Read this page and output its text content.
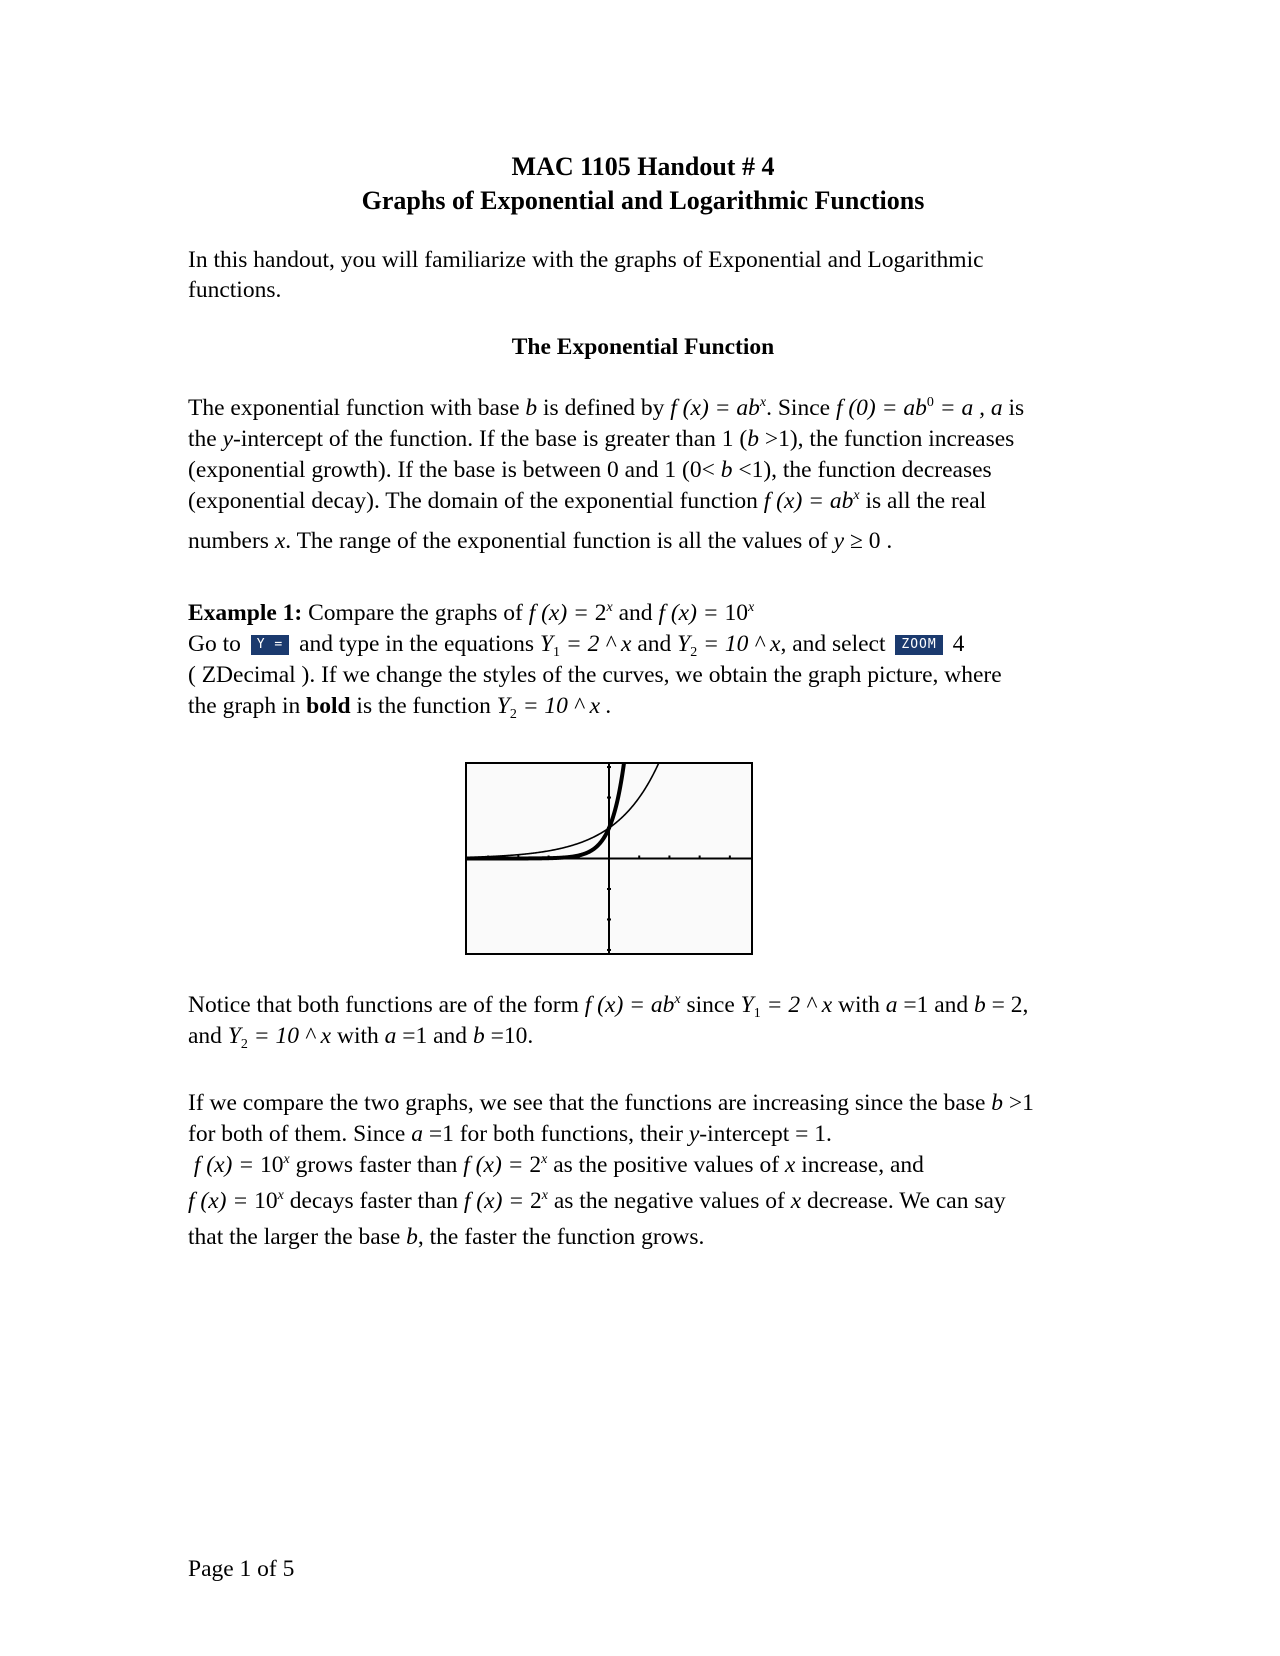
MAC 1105 Handout # 4
Graphs of Exponential and Logarithmic Functions
In this handout, you will familiarize with the graphs of Exponential and Logarithmic
functions.
The Exponential Function
The exponential function with base b is defined by f $(x) = ab^x$. Since f $(0) = ab^0 = a$ , a is
the y-intercept of the function. If the base is greater than 1 (b >1), the function increases
(exponential growth). If the base is between 0 and 1 (0< b <1), the function decreases
(exponential decay). The domain of the exponential function f $(x) = ab^x$ is all the real
numbers x. The range of the exponential function is all the values of y ≥ 0 .
Example 1: Compare the graphs of f $(x) = 2^x$ and f $(x) = 10^x$
Go to Y = and type in the equations $Y_1 = 2$ ^ x and $Y_2 = 10$ ^ x, and select ZOOM 4
( ZDecimal ). If we change the styles of the curves, we obtain the graph picture, where
the graph in bold is the function $Y_2 = 10$ ^ x .
Notice that both functions are of the form f $(x) = ab^x$ since $Y_1 = 2$ ^ x with a =1 and b = 2,
and $Y_2 = 10$ ^ x with a =1 and b =10.
If we compare the two graphs, we see that the functions are increasing since the base b >1
for both of them. Since a =1 for both functions, their y-intercept = 1.
f $(x) = 10^x$ grows faster than f $(x) = 2^x$ as the positive values of x increase, and
f $(x) = 10^x$ decays faster than f $(x) = 2^x$ as the negative values of x decrease. We can say
that the larger the base b, the faster the function grows.
Page 1 of 5
